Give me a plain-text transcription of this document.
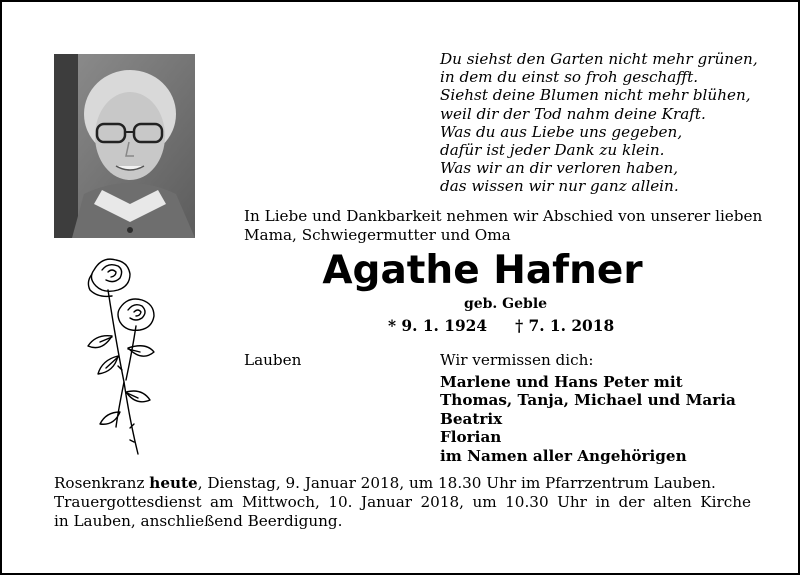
Du siehst den Garten nicht mehr grünen,
in dem du einst so froh geschafft.
Siehst deine Blumen nicht mehr blühen,
weil dir der Tod nahm deine Kraft.
Was du aus Liebe uns gegeben,
dafür ist jeder Dank zu klein.
Was wir an dir verloren haben,
das wissen wir nur ganz allein.
In Liebe und Dankbarkeit nehmen wir Abschied von unserer lieben
Mama, Schwiegermutter und Oma
Agathe Hafner
geb. Geble
* 9. 1. 1924 † 7. 1. 2018
Lauben	Wir vermissen dich:
Marlene und Hans Peter mit
Thomas, Tanja, Michael und Maria
Beatrix
Florian
im Namen aller Angehörigen
Rosenkranz heute, Dienstag, 9. Januar 2018, um 18.30 Uhr im Pfarrzentrum Lauben.
Trauergottesdienst am Mittwoch, 10. Januar 2018, um 10.30 Uhr in der alten Kirche
in Lauben, anschließend Beerdigung.
